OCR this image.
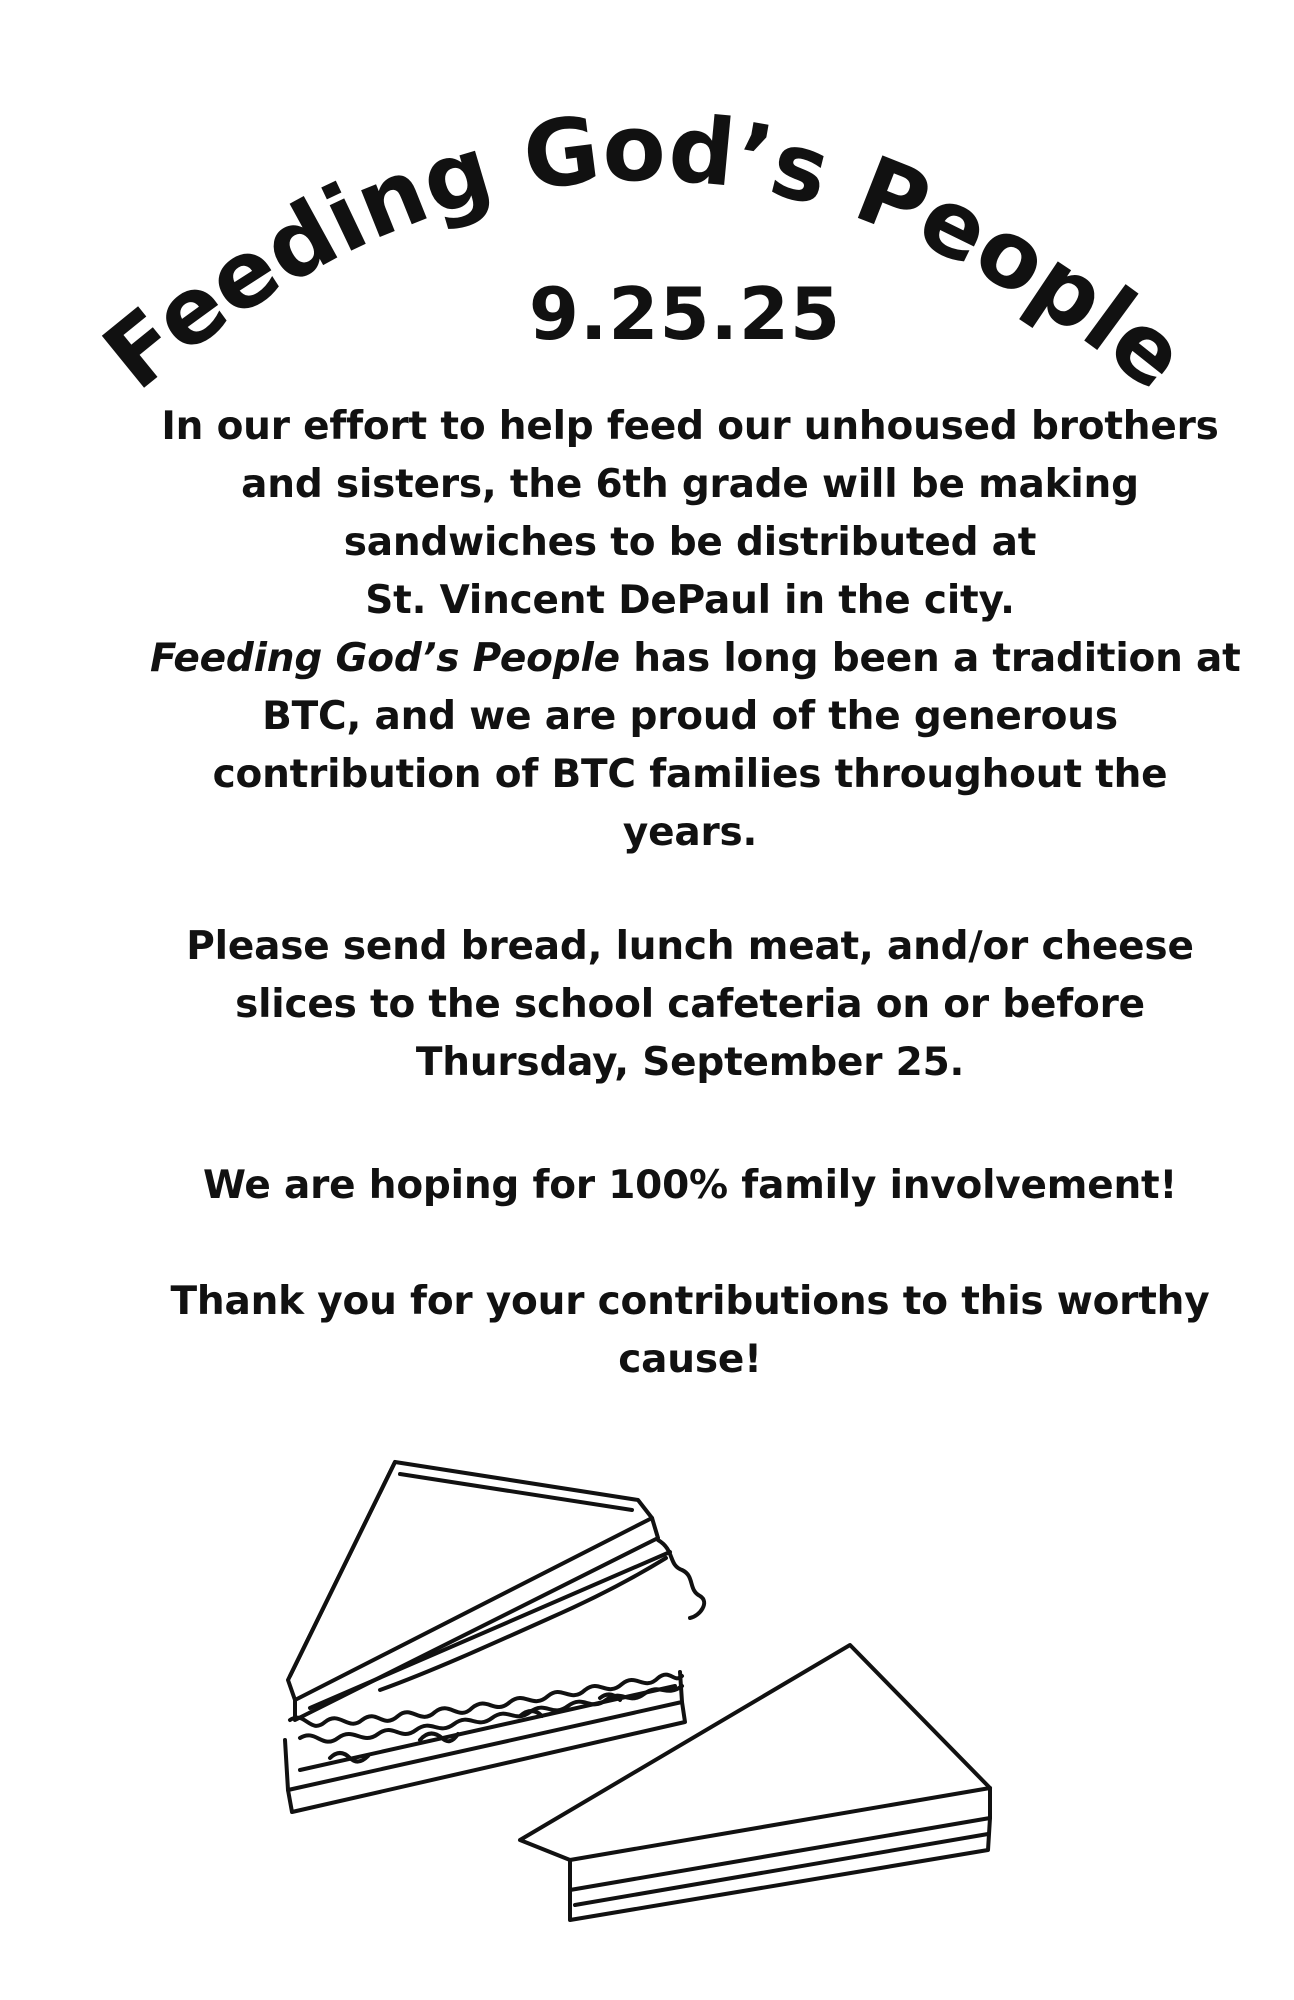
Feeding God’s People
9.25.25
In our effort to help feed our unhoused brothers
and sisters, the 6th grade will be making
sandwiches to be distributed at
St. Vincent DePaul in the city.
Feeding God’s People has long been a tradition at
BTC, and we are proud of the generous
contribution of BTC families throughout the
years.
Please send bread, lunch meat, and/or cheese
slices to the school cafeteria on or before
Thursday, September 25.
We are hoping for 100% family involvement!
Thank you for your contributions to this worthy
cause!
